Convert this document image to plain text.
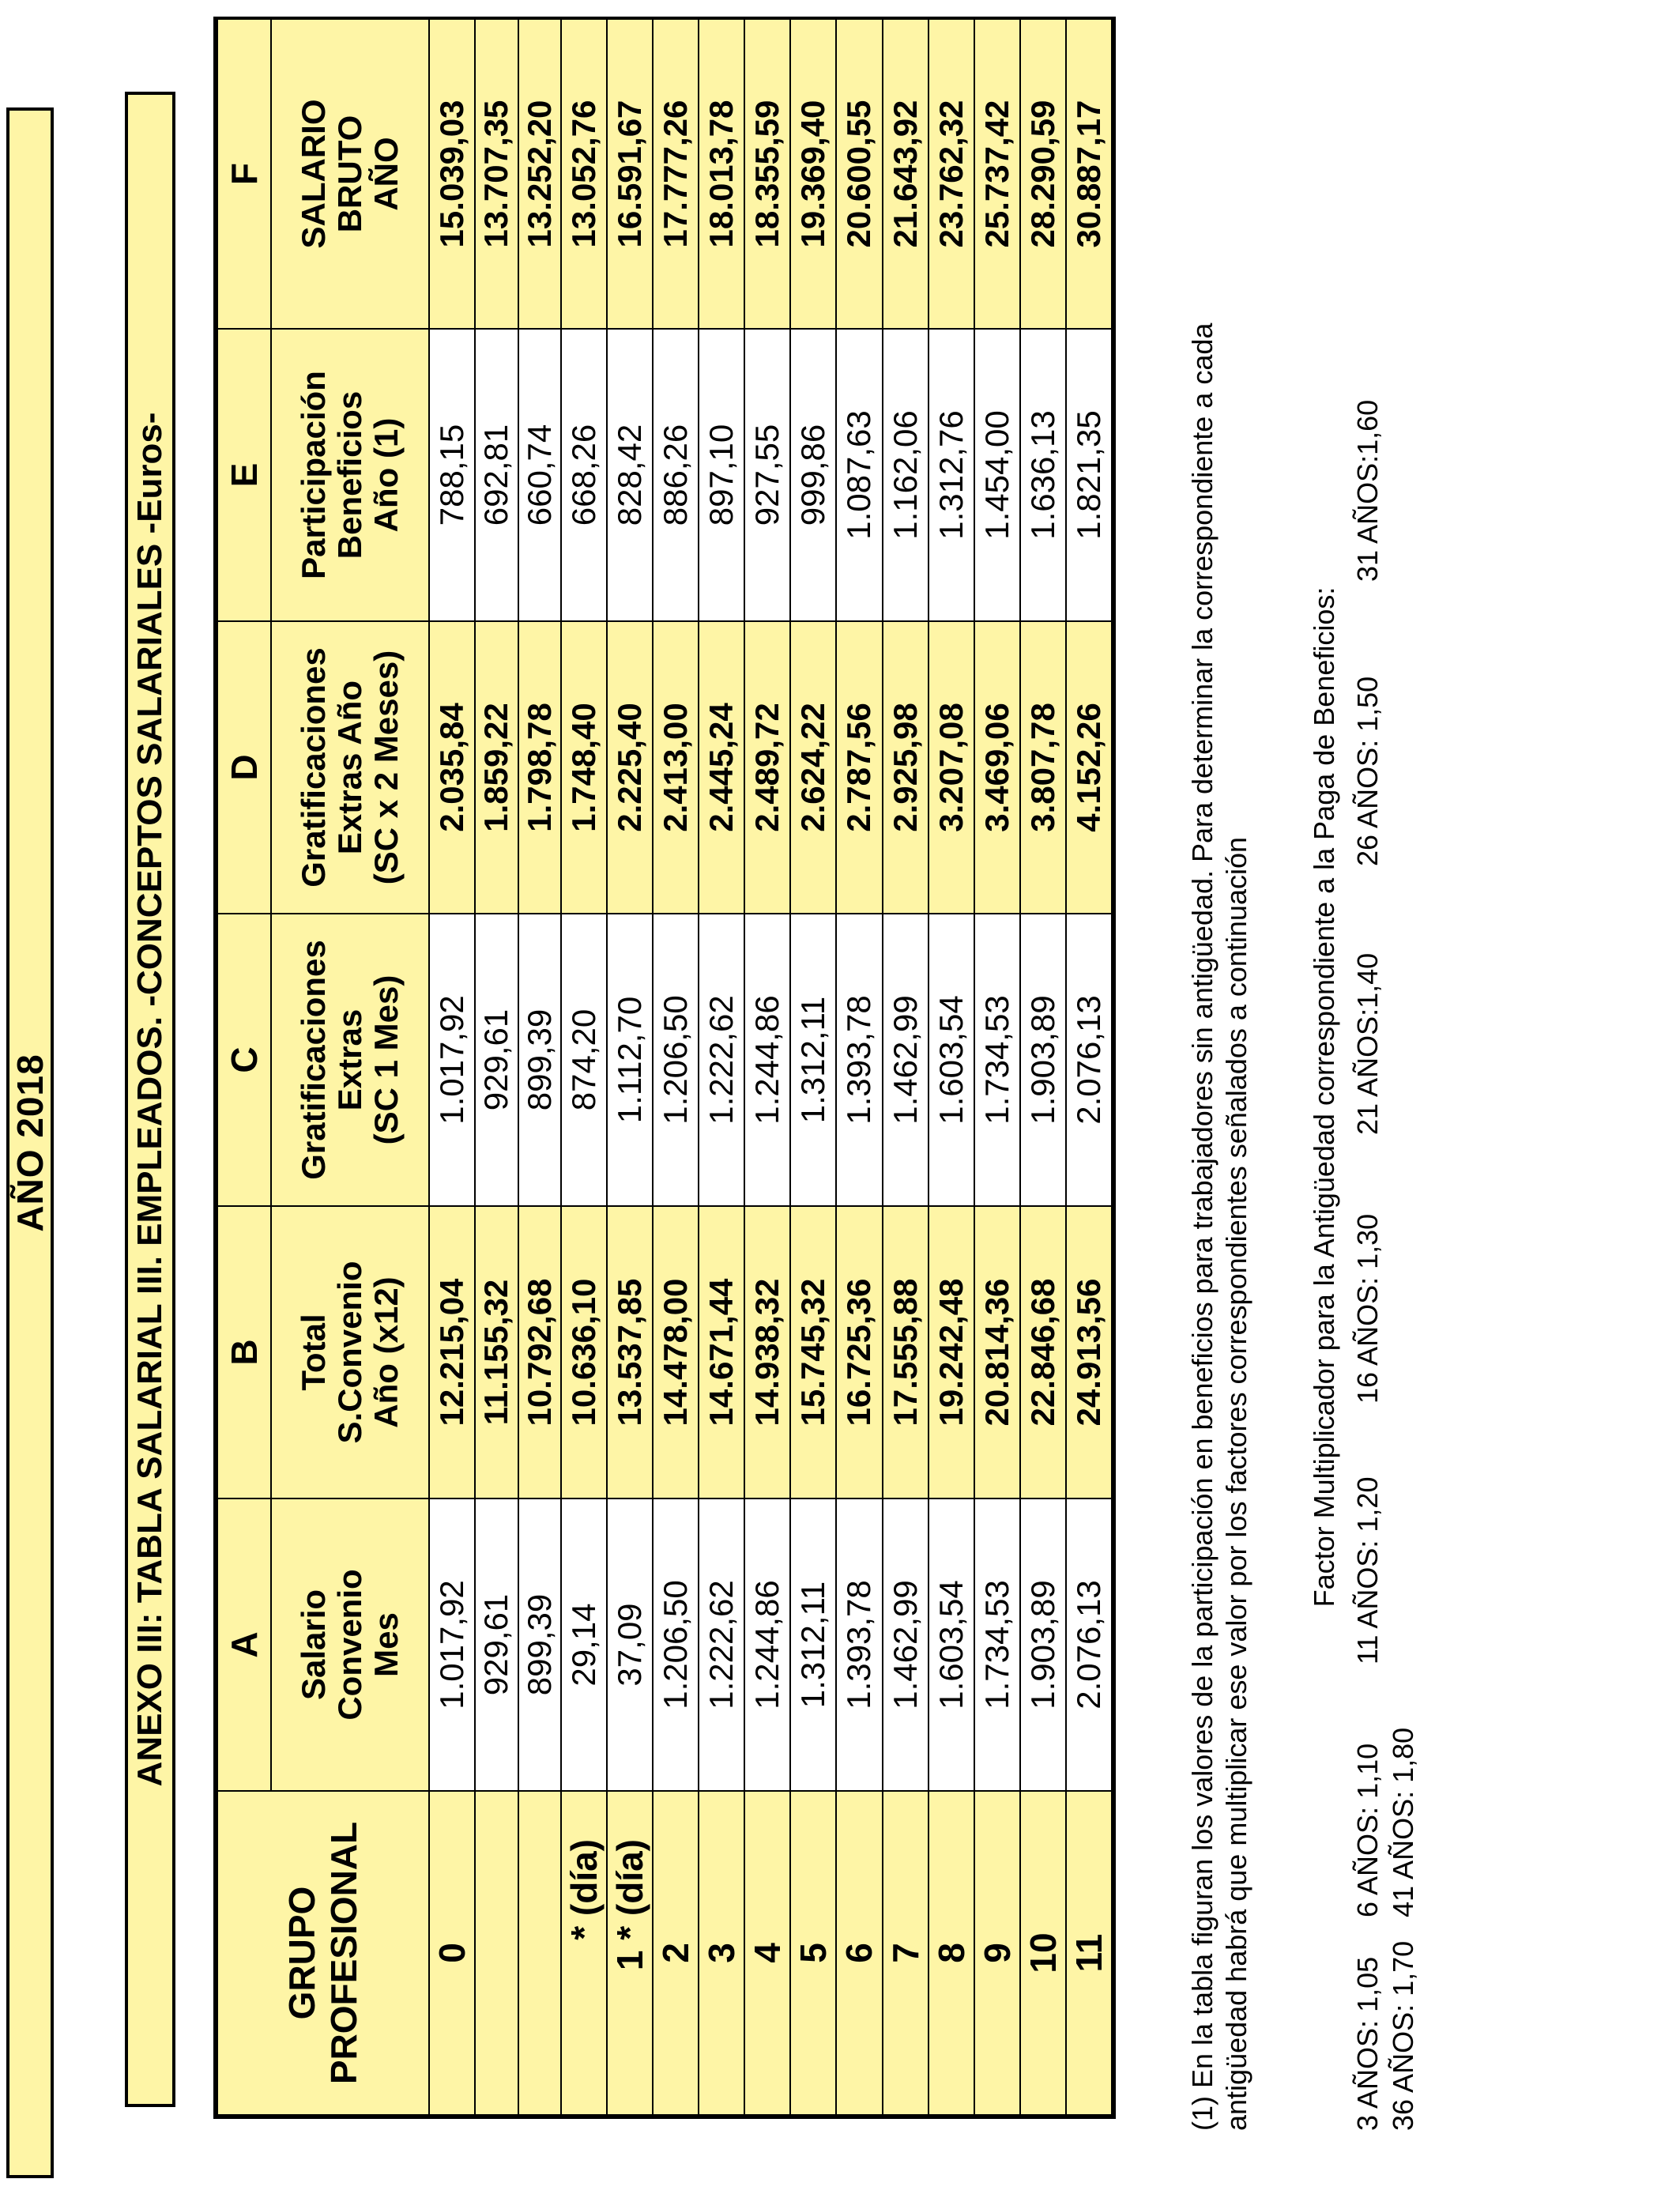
AÑO 2018 ANEXO III: TABLA SALARIAL III. EMPLEADOS. -CONCEPTOS SALARIALES -Euros-
GRUPO
PROFESIONAL	A	B	C	D	E	F

	Salario Convenio Mes	Total S.Convenio Año (x12)	Gratificaciones Extras (SC 1 Mes)	Gratificaciones Extras Año (SC x 2 Meses)	Participación Beneficios Año (1)	SALARIO BRUTO AÑO

0	1.017,92	12.215,04	1.017,92	2.035,84	788,15	15.039,03
	929,61	11.155,32	929,61	1.859,22	692,81	13.707,35
	899,39	10.792,68	899,39	1.798,78	660,74	13.252,20
* (día)	29,14	10.636,10	874,20	1.748,40	668,26	13.052,76
1 * (día)	37,09	13.537,85	1.112,70	2.225,40	828,42	16.591,67
2	1.206,50	14.478,00	1.206,50	2.413,00	886,26	17.777,26
3	1.222,62	14.671,44	1.222,62	2.445,24	897,10	18.013,78
4	1.244,86	14.938,32	1.244,86	2.489,72	927,55	18.355,59
5	1.312,11	15.745,32	1.312,11	2.624,22	999,86	19.369,40
6	1.393,78	16.725,36	1.393,78	2.787,56	1.087,63	20.600,55
7	1.462,99	17.555,88	1.462,99	2.925,98	1.162,06	21.643,92
8	1.603,54	19.242,48	1.603,54	3.207,08	1.312,76	23.762,32
9	1.734,53	20.814,36	1.734,53	3.469,06	1.454,00	25.737,42
10	1.903,89	22.846,68	1.903,89	3.807,78	1.636,13	28.290,59
11	2.076,13	24.913,56	2.076,13	4.152,26	1.821,35	30.887,17

(1) En la tabla figuran los valores de la participación en beneficios para trabajadores sin antigüedad. Para determinar la correspondiente a cada antigüedad habrá que multiplicar ese valor por los factores correspondientes señalados a continuación Factor Multiplicador para la Antigüedad correspondiente a la Paga de Beneficios:
3 AÑOS: 1,05
6 AÑOS: 1,10
11 AÑOS: 1,20
16 AÑOS: 1,30
21 AÑOS:1,40
26 AÑOS: 1,50
31 AÑOS:1,60
36 AÑOS: 1,70
41 AÑOS: 1,80
